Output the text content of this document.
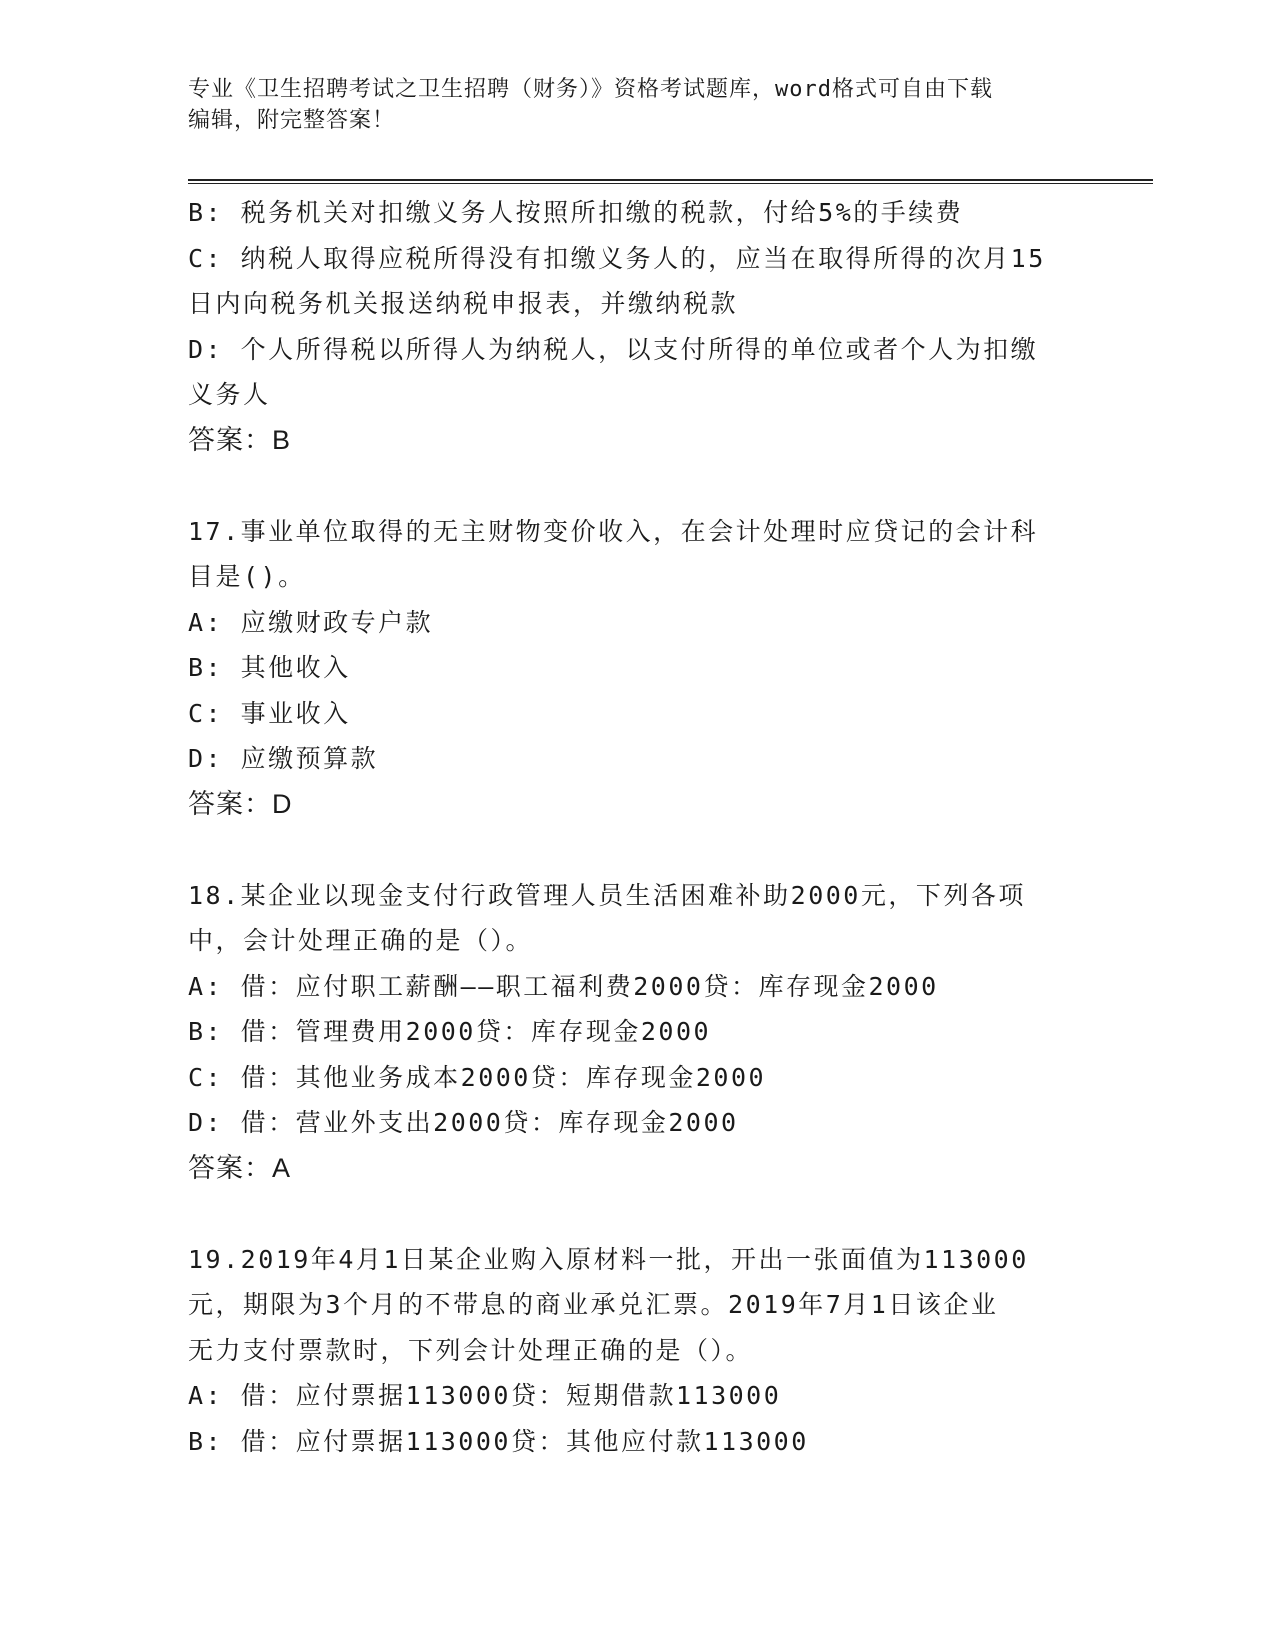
专业《卫生招聘考试之卫生招聘（财务）》资格考试题库，word格式可自由下载
编辑，附完整答案！
B: 税务机关对扣缴义务人按照所扣缴的税款，付给5%的手续费
C: 纳税人取得应税所得没有扣缴义务人的，应当在取得所得的次月15
日内向税务机关报送纳税申报表，并缴纳税款
D: 个人所得税以所得人为纳税人，以支付所得的单位或者个人为扣缴
义务人
答案：B
17.事业单位取得的无主财物变价收入，在会计处理时应贷记的会计科
目是()。
A: 应缴财政专户款
B: 其他收入
C: 事业收入
D: 应缴预算款
答案：D
18.某企业以现金支付行政管理人员生活困难补助2000元，下列各项
中，会计处理正确的是（）。
A: 借：应付职工薪酬——职工福利费2000贷：库存现金2000
B: 借：管理费用2000贷：库存现金2000
C: 借：其他业务成本2000贷：库存现金2000
D: 借：营业外支出2000贷：库存现金2000
答案：A
19.2019年4月1日某企业购入原材料一批，开出一张面值为113000
元，期限为3个月的不带息的商业承兑汇票。2019年7月1日该企业
无力支付票款时，下列会计处理正确的是（）。
A: 借：应付票据113000贷：短期借款113000
B: 借：应付票据113000贷：其他应付款113000
